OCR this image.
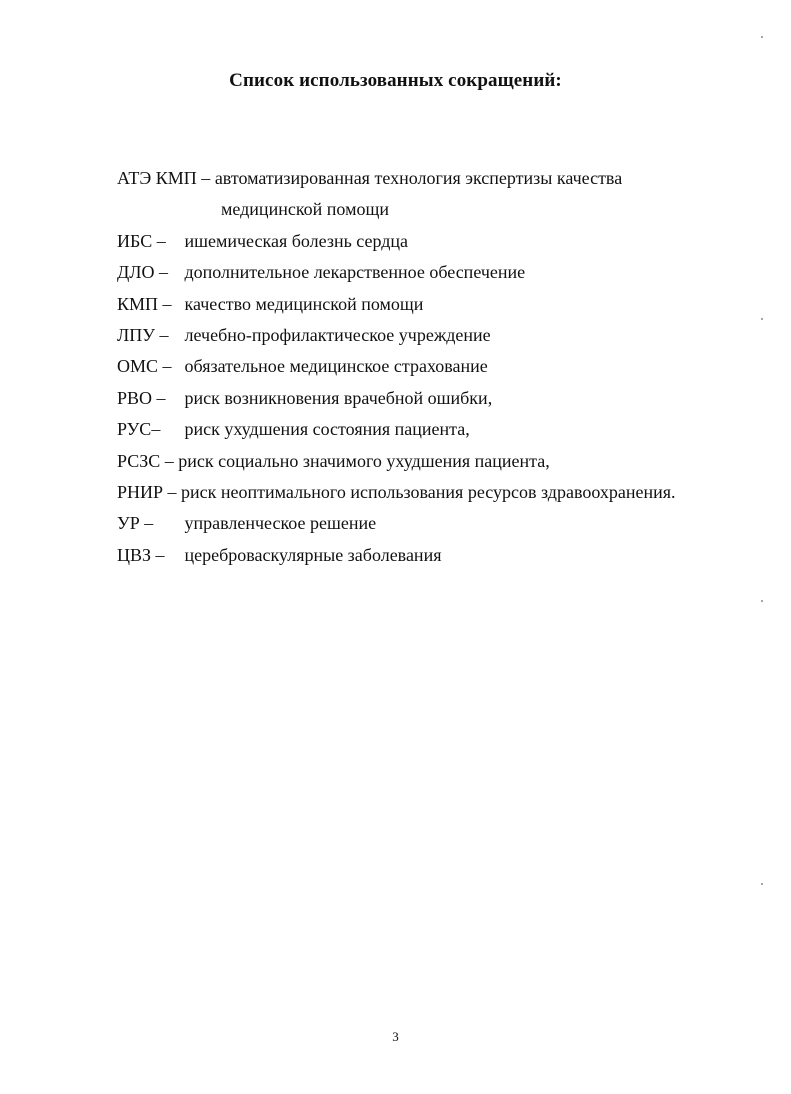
Список использованных сокращений:
АТЭ КМП – автоматизированная технология экспертизы качества
медицинской помощи
ИБС – ишемическая болезнь сердца
ДЛО – дополнительное лекарственное обеспечение
КМП – качество медицинской помощи
ЛПУ – лечебно-профилактическое учреждение
ОМС – обязательное медицинское страхование
РВО – риск возникновения врачебной ошибки,
РУС– риск ухудшения состояния пациента,
РСЗС – риск социально значимого ухудшения пациента,
РНИР – риск неоптимального использования ресурсов здравоохранения.
УР – управленческое решение
ЦВЗ – цереброваскулярные заболевания
3
